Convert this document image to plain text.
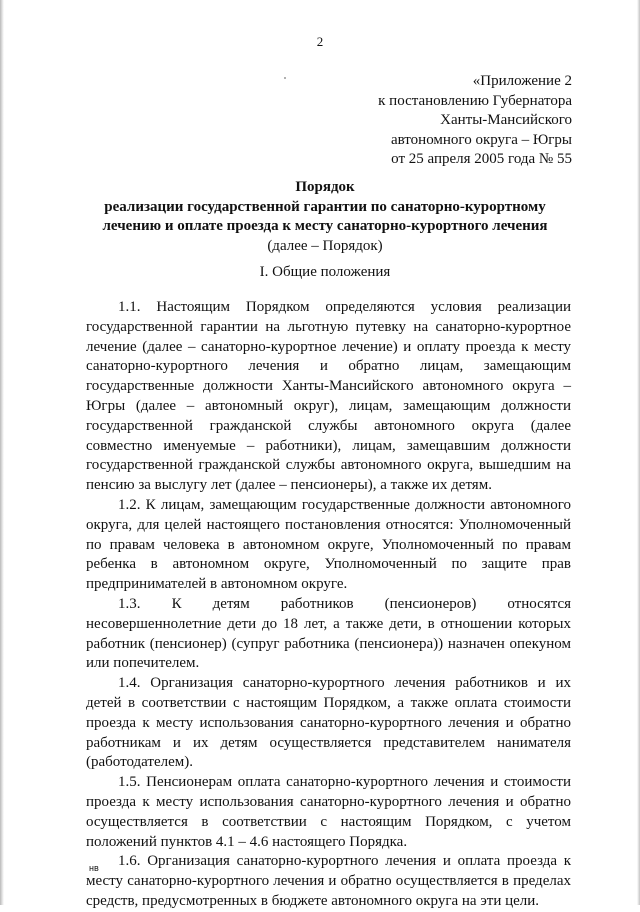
2
«Приложение 2
к постановлению Губернатора
Ханты-Мансийского
автономного округа – Югры
от 25 апреля 2005 года № 55
Порядок
реализации государственной гарантии по санаторно-курортному
лечению и оплате проезда к месту санаторно-курортного лечения
(далее – Порядок)
I. Общие положения

1.1. Настоящим Порядком определяются условия реализации государственной гарантии на льготную путевку на санаторно-курортное лечение (далее – санаторно-курортное лечение) и оплату проезда к месту санаторно-курортного лечения и обратно лицам, замещающим государственные должности Ханты-Мансийского автономного округа – Югры (далее – автономный округ), лицам, замещающим должности государственной гражданской службы автономного округа (далее совместно именуемые – работники), лицам, замещавшим должности государственной гражданской службы автономного округа, вышедшим на пенсию за выслугу лет (далее – пенсионеры), а также их детям.

1.2. К лицам, замещающим государственные должности автономного округа, для целей настоящего постановления относятся: Уполномоченный по правам человека в автономном округе, Уполномоченный по правам ребенка в автономном округе, Уполномоченный по защите прав предпринимателей в автономном округе.

1.3. К детям работников (пенсионеров) относятся несовершеннолетние дети до 18 лет, а также дети, в отношении которых работник (пенсионер) (супруг работника (пенсионера)) назначен опекуном или попечителем.

1.4. Организация санаторно-курортного лечения работников и их детей в соответствии с настоящим Порядком, а также оплата стоимости проезда к месту использования санаторно-курортного лечения и обратно работникам и их детям осуществляется представителем нанимателя (работодателем).

1.5. Пенсионерам оплата санаторно-курортного лечения и стоимости проезда к месту использования санаторно-курортного лечения и обратно осуществляется в соответствии с настоящим Порядком, с учетом положений пунктов 4.1 – 4.6 настоящего Порядка.

1.6. Организация санаторно-курортного лечения и оплата проезда к месту санаторно-курортного лечения и обратно осуществляется в пределах средств, предусмотренных в бюджете автономного округа на эти цели.

нв
